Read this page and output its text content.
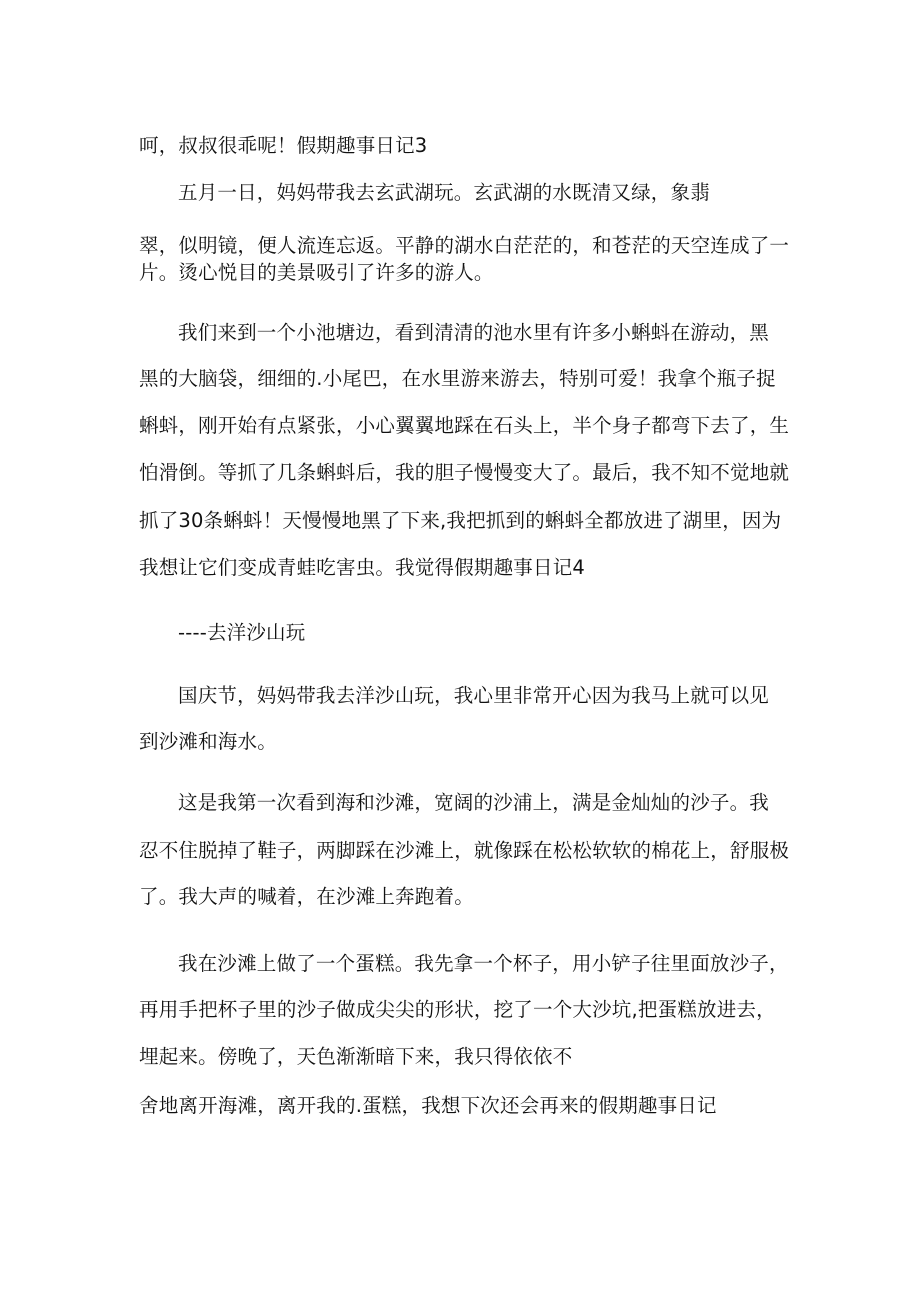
呵，叔叔很乖呢！假期趣事日记3

五月一日，妈妈带我去玄武湖玩。玄武湖的水既清又绿，象翡

翠，似明镜，便人流连忘返。平静的湖水白茫茫的，和苍茫的天空连成了一

片。烫心悦目的美景吸引了许多的游人。

我们来到一个小池塘边，看到清清的池水里有许多小蝌蚪在游动，黑

黑的大脑袋，细细的.小尾巴，在水里游来游去，特别可爱！我拿个瓶子捉

蝌蚪，刚开始有点紧张，小心翼翼地踩在石头上，半个身子都弯下去了，生

怕滑倒。等抓了几条蝌蚪后，我的胆子慢慢变大了。最后，我不知不觉地就

抓了30条蝌蚪！天慢慢地黑了下来,我把抓到的蝌蚪全都放进了湖里，因为

我想让它们变成青蛙吃害虫。我觉得假期趣事日记4

----去洋沙山玩

国庆节，妈妈带我去洋沙山玩，我心里非常开心因为我马上就可以见

到沙滩和海水。

这是我第一次看到海和沙滩，宽阔的沙浦上，满是金灿灿的沙子。我

忍不住脱掉了鞋子，两脚踩在沙滩上，就像踩在松松软软的棉花上，舒服极

了。我大声的喊着，在沙滩上奔跑着。

我在沙滩上做了一个蛋糕。我先拿一个杯子，用小铲子往里面放沙子，

再用手把杯子里的沙子做成尖尖的形状，挖了一个大沙坑,把蛋糕放进去，

埋起来。傍晚了，天色渐渐暗下来，我只得依依不

舍地离开海滩，离开我的.蛋糕，我想下次还会再来的假期趣事日记
